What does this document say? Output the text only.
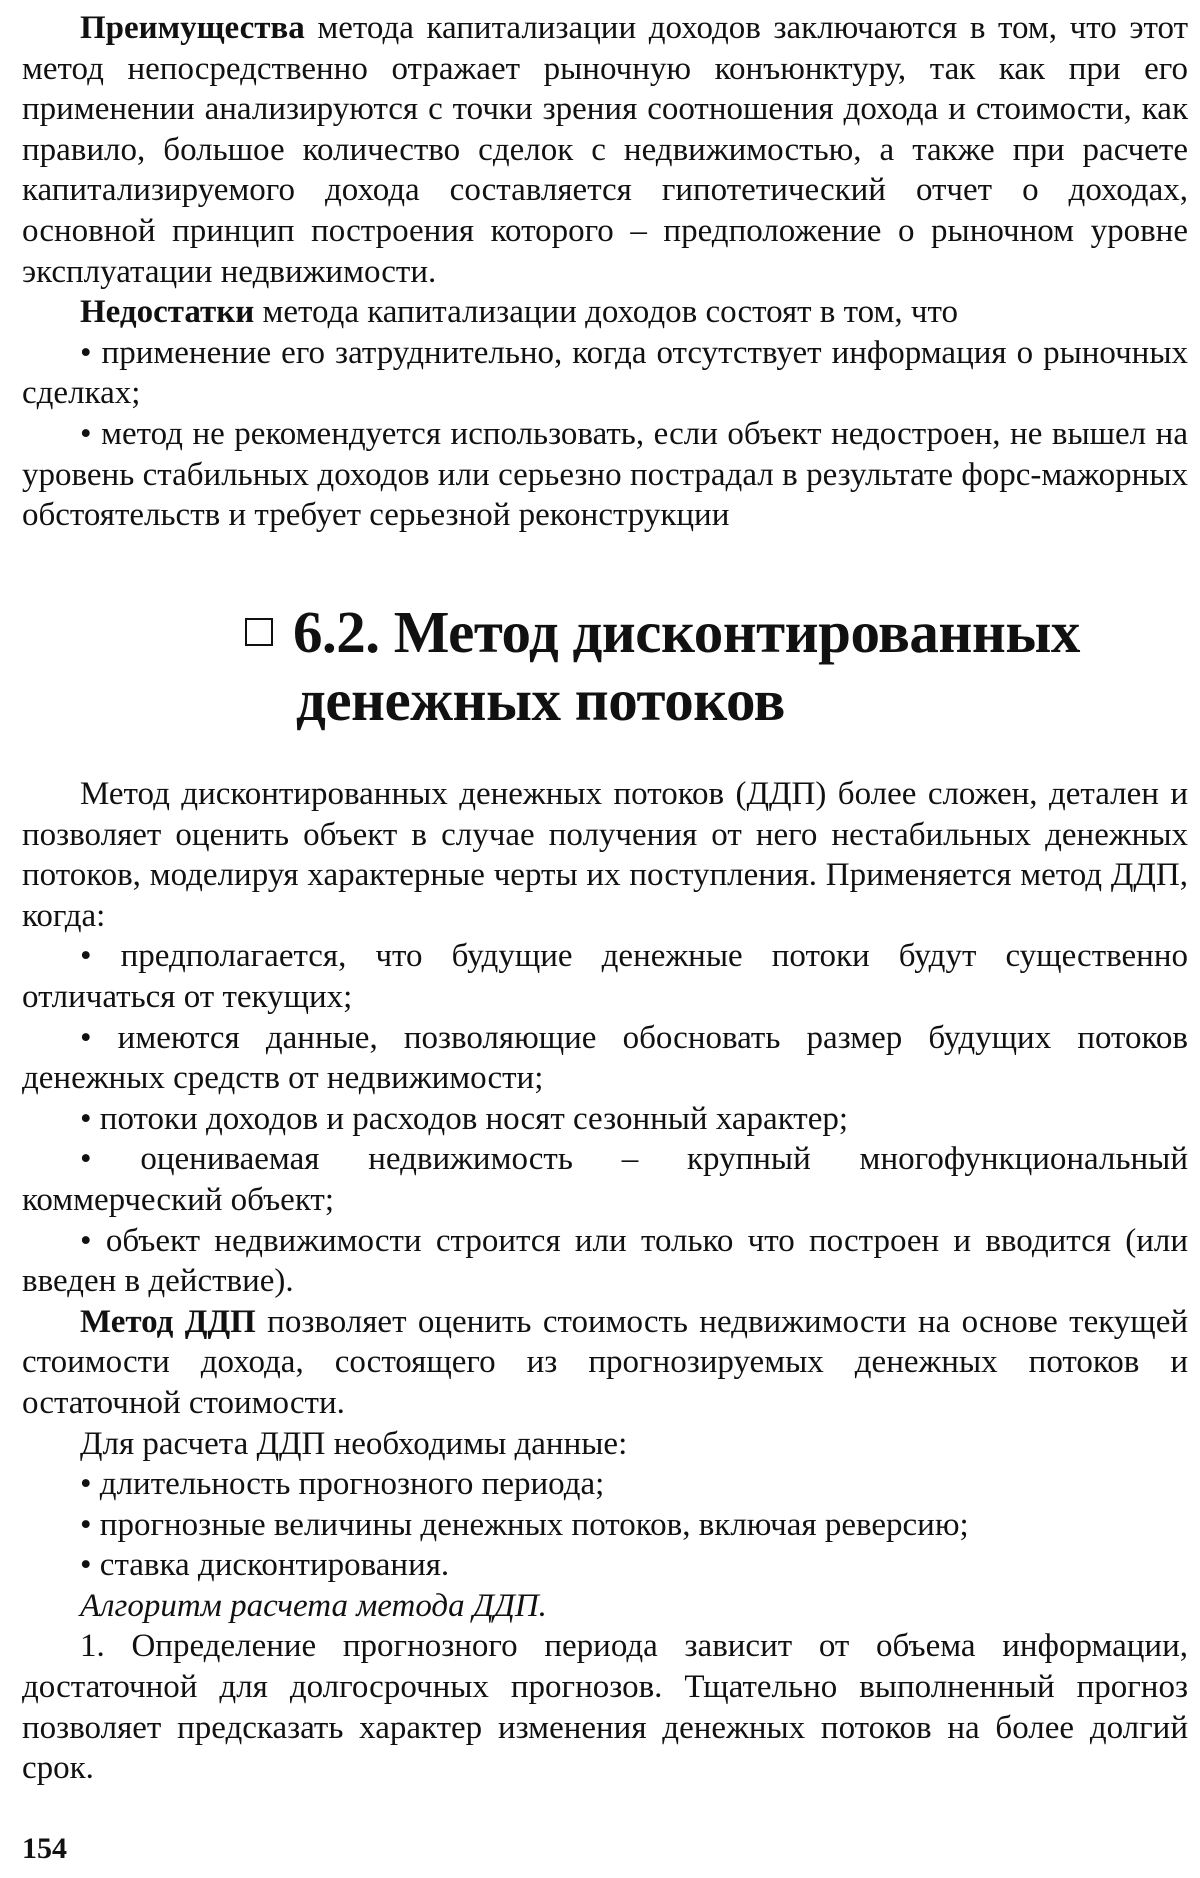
Преимущества метода капитализации доходов заключаются в том, что этот метод непосредственно отражает рыночную конъюнктуру, так как при его применении анализируются с точки зрения соотношения дохода и стоимости, как правило, большое количество сделок с недвижимостью, а также при расчете капитализируемого дохода составляется гипотетический отчет о доходах, основной принцип построения которого – предположение о рыночном уровне эксплуатации недвижимости.

Недостатки метода капитализации доходов состоят в том, что

• применение его затруднительно, когда отсутствует информация о рыночных сделках;

• метод не рекомендуется использовать, если объект недостроен, не вышел на уровень стабильных доходов или серьезно пострадал в результате форс-мажорных обстоятельств и требует серьезной реконструкции

6.2. Метод дисконтированных
денежных потоков

Метод дисконтированных денежных потоков (ДДП) более сложен, детален и позволяет оценить объект в случае получения от него нестабильных денежных потоков, моделируя характерные черты их поступления. Применяется метод ДДП, когда:

• предполагается, что будущие денежные потоки будут существенно отличаться от текущих;

• имеются данные, позволяющие обосновать размер будущих потоков денежных средств от недвижимости;

• потоки доходов и расходов носят сезонный характер;

• оцениваемая недвижимость – крупный многофункциональный коммерческий объект;

• объект недвижимости строится или только что построен и вводится (или введен в действие).

Метод ДДП позволяет оценить стоимость недвижимости на основе текущей стоимости дохода, состоящего из прогнозируемых денежных потоков и остаточной стоимости.

Для расчета ДДП необходимы данные:

• длительность прогнозного периода;

• прогнозные величины денежных потоков, включая реверсию;

• ставка дисконтирования.

Алгоритм расчета метода ДДП.

1. Определение прогнозного периода зависит от объема информации, достаточной для долгосрочных прогнозов. Тщательно выполненный прогноз позволяет предсказать характер изменения денежных потоков на более долгий срок.

154
